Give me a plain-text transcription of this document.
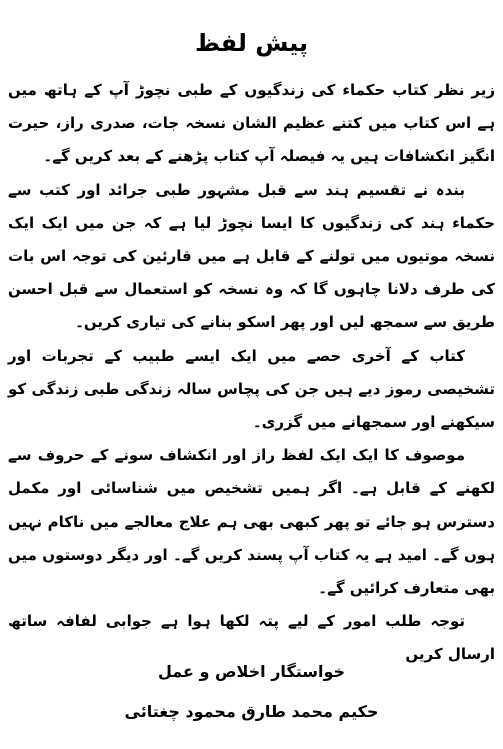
پیش لفظ

زیر نظر کتاب حکماء کی زندگیوں کے طبی نچوڑ آپ کے ہاتھ میں ہے اس کتاب میں کتنے عظیم الشان نسخہ جات، صدری راز، حیرت انگیز انکشافات ہیں یہ فیصلہ آپ کتاب پڑھنے کے بعد کریں گے۔

بندہ نے تقسیم ہند سے قبل مشہور طبی جرائد اور کتب سے حکماء ہند کی زندگیوں کا ایسا نچوڑ لیا ہے کہ جن میں ایک ایک نسخہ موتیوں میں تولنے کے قابل ہے میں قارئین کی توجہ اس بات کی طرف دلانا چاہوں گا کہ وہ نسخہ کو استعمال سے قبل احسن طریق سے سمجھ لیں اور پھر اسکو بنانے کی تیاری کریں۔

کتاب کے آخری حصے میں ایک ایسے طبیب کے تجربات اور تشخیصی رموز دیے ہیں جن کی پچاس سالہ زندگی طبی زندگی کو سیکھنے اور سمجھانے میں گزری۔

موصوف کا ایک ایک لفظ راز اور انکشاف سونے کے حروف سے لکھنے کے قابل ہے۔ اگر ہمیں تشخیص میں شناسائی اور مکمل دسترس ہو جائے تو پھر کبھی بھی ہم علاج معالجے میں ناکام نہیں ہوں گے۔ امید ہے یہ کتاب آپ پسند کریں گے۔ اور دیگر دوستوں میں بھی متعارف کرائیں گے۔

توجہ طلب امور کے لیے پتہ لکھا ہوا ہے جوابی لفافہ ساتھ ارسال کریں

خواستگار اخلاص و عمل
حکیم محمد طارق محمود چغتائی
